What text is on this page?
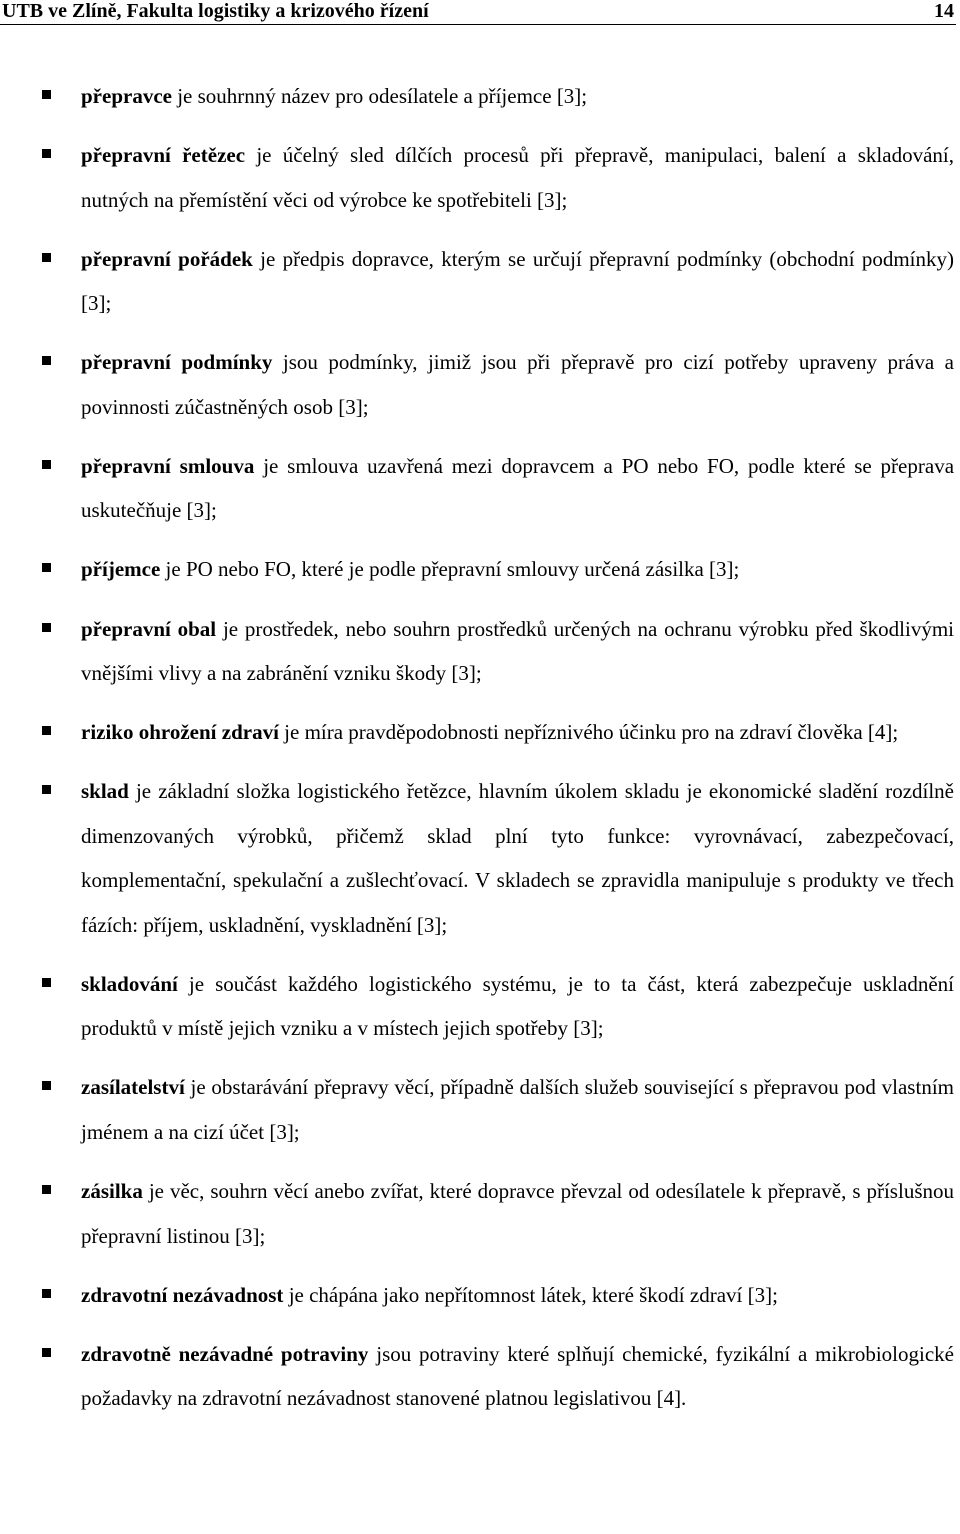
UTB ve Zlíně, Fakulta logistiky a krizového řízení	14
přepravce je souhrnný název pro odesílatele a příjemce [3];
přepravní řetězec je účelný sled dílčích procesů při přepravě, manipulaci, balení a skladování, nutných na přemístění věci od výrobce ke spotřebiteli [3];
přepravní pořádek je předpis dopravce, kterým se určují přepravní podmínky (obchodní podmínky) [3];
přepravní podmínky jsou podmínky, jimiž jsou při přepravě pro cizí potřeby upraveny práva a povinnosti zúčastněných osob [3];
přepravní smlouva je smlouva uzavřená mezi dopravcem a PO nebo FO, podle které se přeprava uskutečňuje [3];
příjemce je PO nebo FO, které je podle přepravní smlouvy určená zásilka [3];
přepravní obal je prostředek, nebo souhrn prostředků určených na ochranu výrobku před škodlivými vnějšími vlivy a na zabránění vzniku škody [3];
riziko ohrožení zdraví je míra pravděpodobnosti nepříznivého účinku pro na zdraví člověka [4];
sklad je základní složka logistického řetězce, hlavním úkolem skladu je ekonomické sladění rozdílně dimenzovaných výrobků, přičemž sklad plní tyto funkce: vyrovnávací, zabezpečovací, komplementační, spekulační a zušlechťovací. V skladech se zpravidla manipuluje s produkty ve třech fázích: příjem, uskladnění, vyskladnění [3];
skladování je součást každého logistického systému, je to ta část, která zabezpečuje uskladnění produktů v místě jejich vzniku a v místech jejich spotřeby [3];
zasílatelství je obstarávání přepravy věcí, případně dalších služeb související s přepravou pod vlastním jménem a na cizí účet [3];
zásilka je věc, souhrn věcí anebo zvířat, které dopravce převzal od odesílatele k přepravě, s příslušnou přepravní listinou [3];
zdravotní nezávadnost je chápána jako nepřítomnost látek, které škodí zdraví [3];
zdravotně nezávadné potraviny jsou potraviny které splňují chemické, fyzikální a mikrobiologické požadavky na zdravotní nezávadnost stanovené platnou legislativou [4].
